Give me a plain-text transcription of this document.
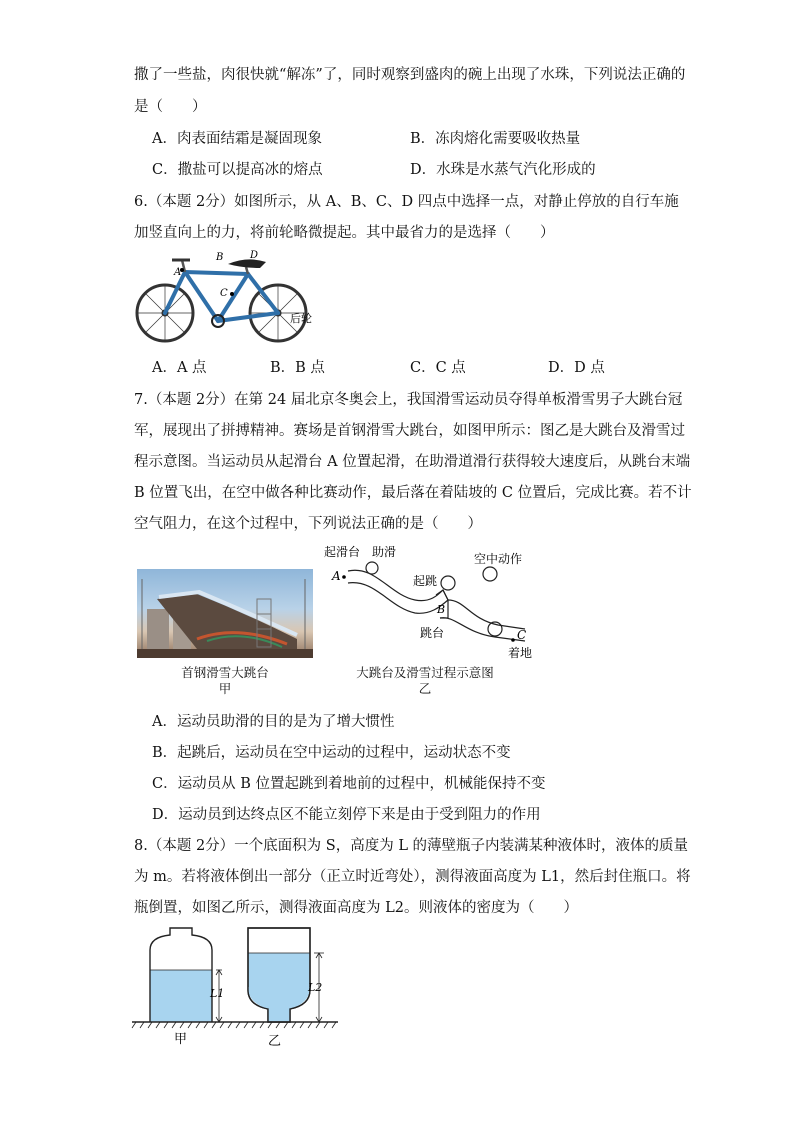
撒了一些盐，肉很快就“解冻”了，同时观察到盛肉的碗上出现了水珠，下列说法正确的
是（　　）
A．肉表面结霜是凝固现象	B．冻肉熔化需要吸收热量
C．撒盐可以提高冰的熔点	D．水珠是水蒸气汽化形成的
6.（本题 2分）如图所示，从 A、B、C、D 四点中选择一点，对静止停放的自行车施
加竖直向上的力，将前轮略微提起。其中最省力的是选择（　　）
A
B	D
C
后轮
A．A 点	B．B 点	C．C 点	D．D 点
7.（本题 2分）在第 24 届北京冬奥会上，我国滑雪运动员夺得单板滑雪男子大跳台冠
军，展现出了拼搏精神。赛场是首钢滑雪大跳台，如图甲所示：图乙是大跳台及滑雪过
程示意图。当运动员从起滑台 A 位置起滑，在助滑道滑行获得较大速度后，从跳台末端
B 位置飞出，在空中做各种比赛动作，最后落在着陆坡的 C 位置后，完成比赛。若不计
空气阻力，在这个过程中，下列说法正确的是（　　）
首钢滑雪大跳台
甲
起滑台 助滑
起跳
空中动作
跳台
着地
A
B
C
大跳台及滑雪过程示意图
乙
A．运动员助滑的目的是为了增大惯性
B．起跳后，运动员在空中运动的过程中，运动状态不变
C．运动员从 B 位置起跳到着地前的过程中，机械能保持不变
D．运动员到达终点区不能立刻停下来是由于受到阻力的作用
8.（本题 2分）一个底面积为 S，高度为 L 的薄壁瓶子内装满某种液体时，液体的质量
为 m。若将液体倒出一部分（正立时近弯处），测得液面高度为 L1，然后封住瓶口。将
瓶倒置，如图乙所示，测得液面高度为 L2。则液体的密度为（　　）
L1	L2
甲	乙
